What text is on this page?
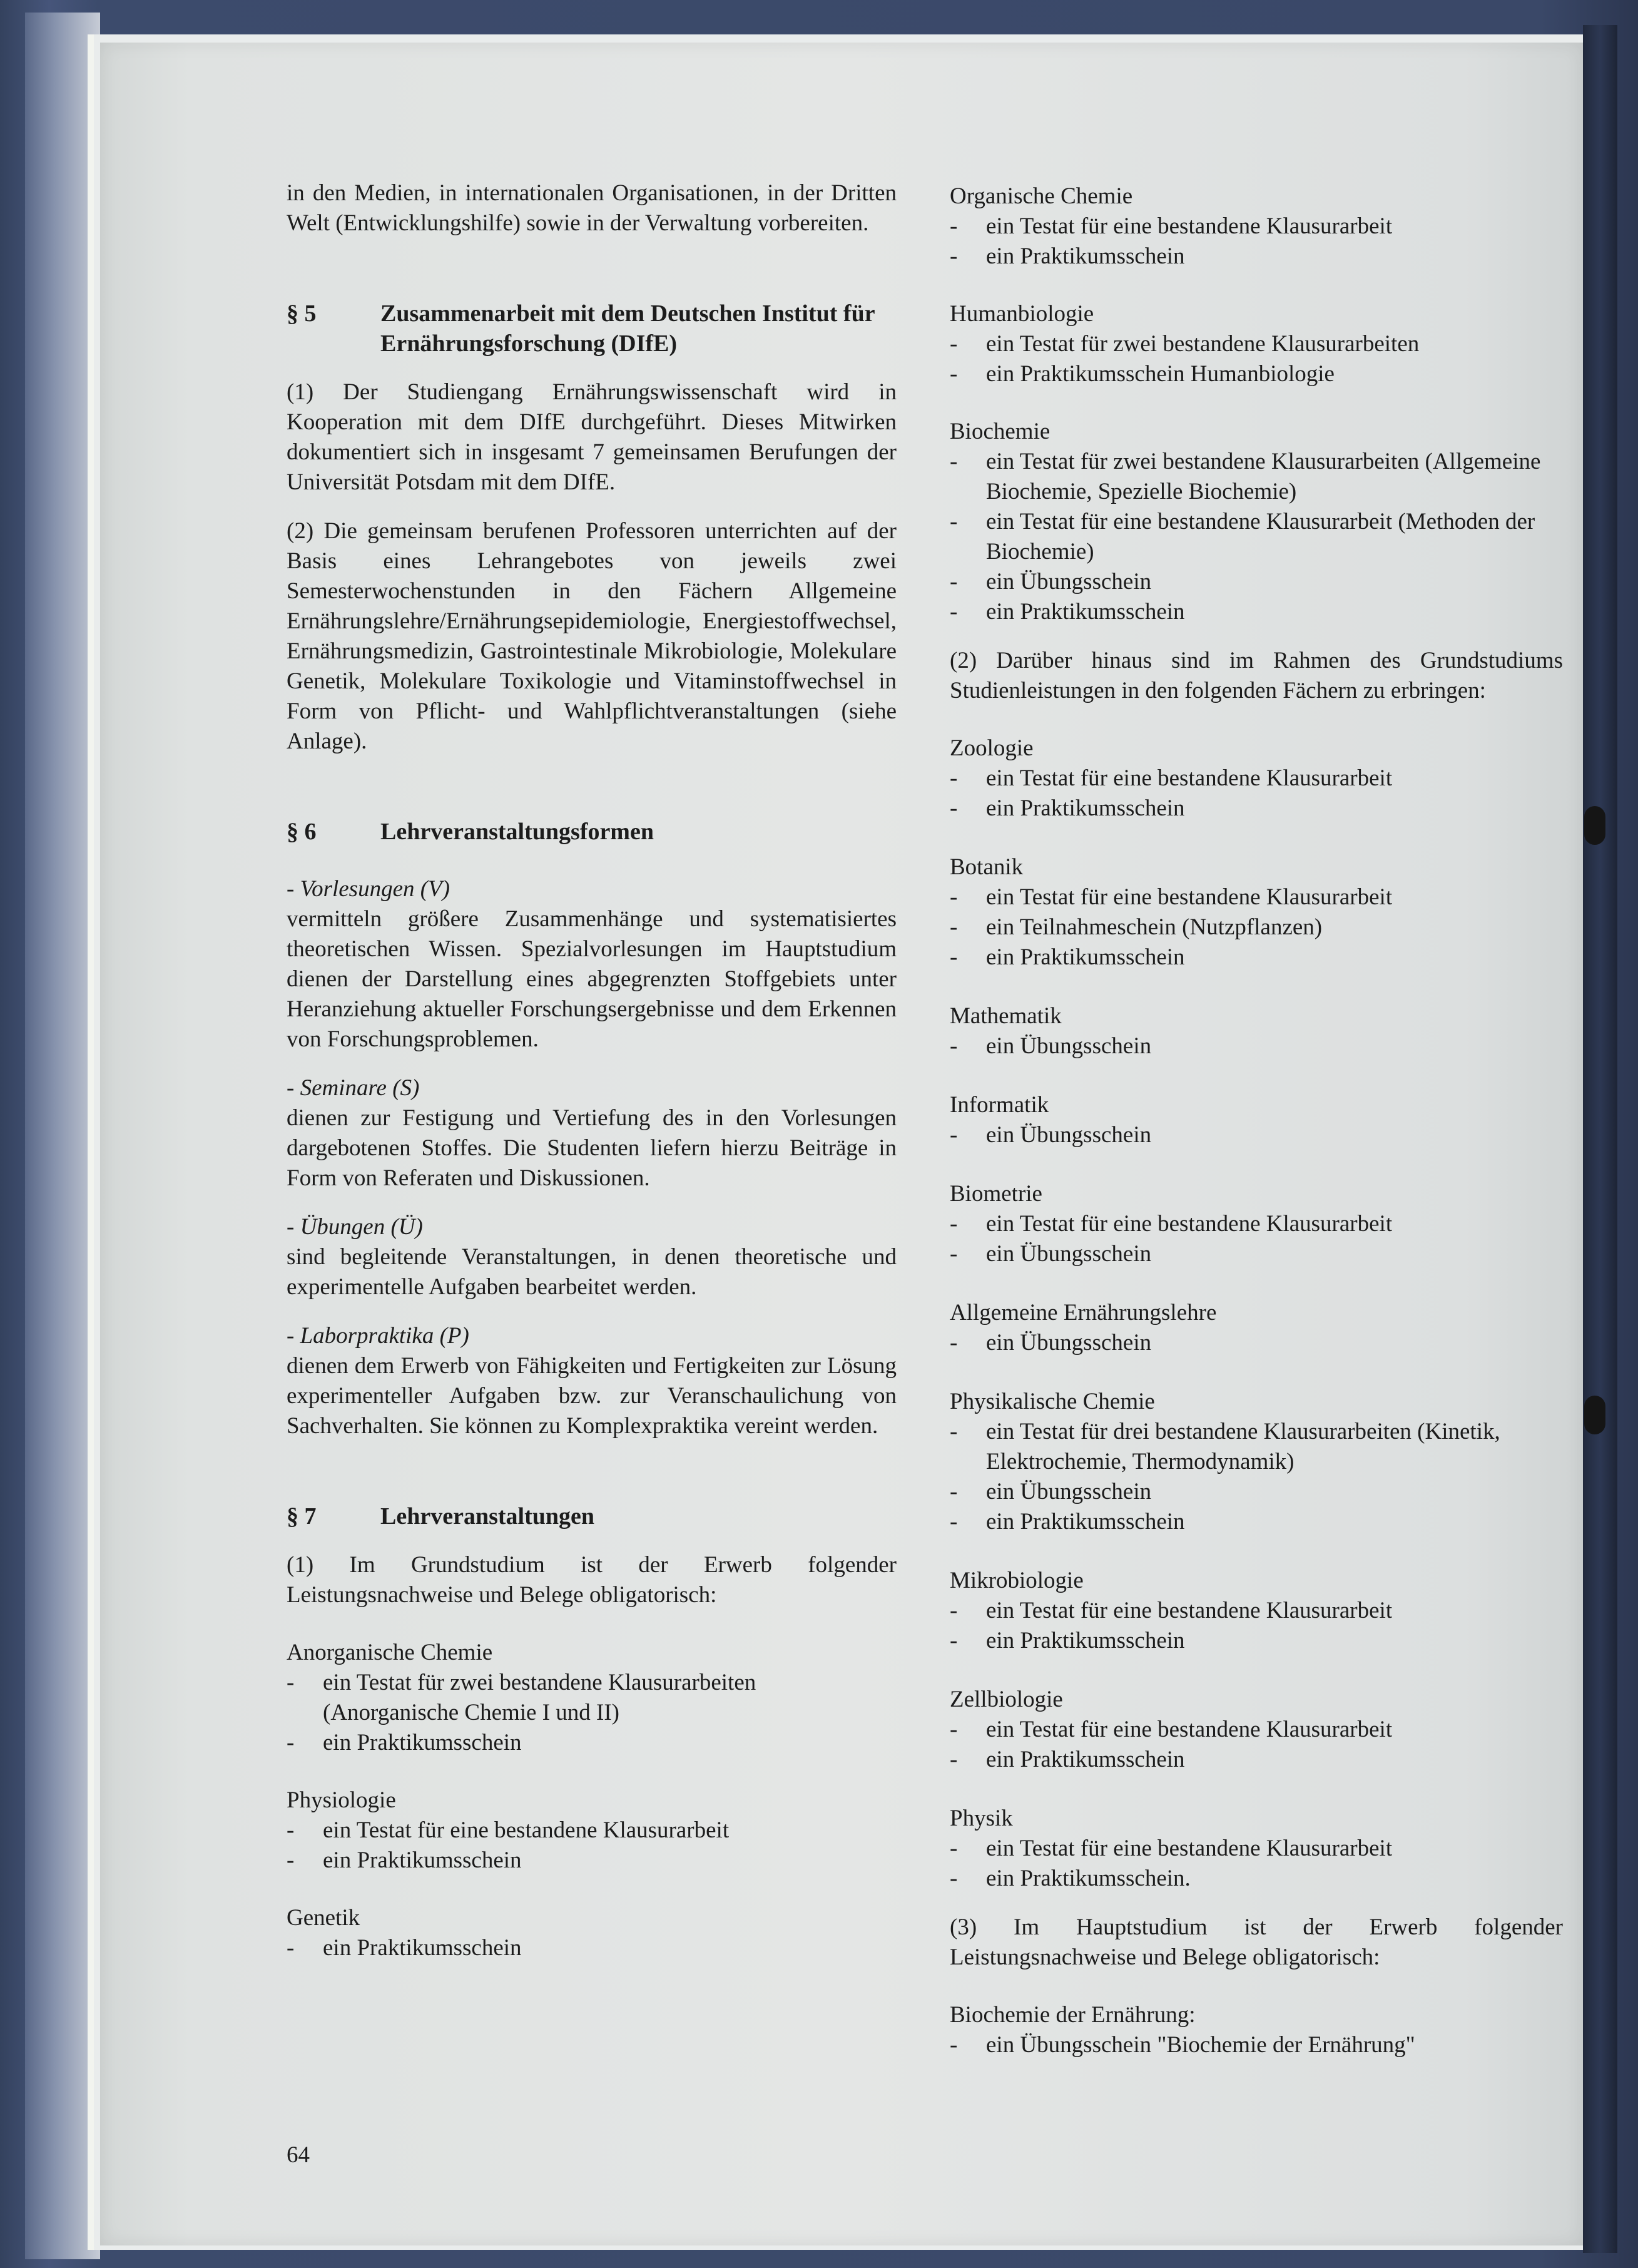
in den Medien, in internationalen Organisationen, in der Dritten Welt (Entwicklungshilfe) sowie in der Verwaltung vorbereiten.

§ 5	Zusammenarbeit mit dem Deutschen Institut für Ernährungsforschung (DIfE)

(1) Der Studiengang Ernährungswissenschaft wird in Kooperation mit dem DIfE durchgeführt. Dieses Mitwirken dokumentiert sich in insgesamt 7 gemeinsamen Berufungen der Universität Potsdam mit dem DIfE.

(2) Die gemeinsam berufenen Professoren unterrichten auf der Basis eines Lehrangebotes von jeweils zwei Semesterwochenstunden in den Fächern Allgemeine Ernährungslehre/Ernährungsepidemiologie, Energiestoffwechsel, Ernährungsmedizin, Gastrointestinale Mikrobiologie, Molekulare Genetik, Molekulare Toxikologie und Vitaminstoffwechsel in Form von Pflicht- und Wahlpflichtveranstaltungen (siehe Anlage).

§ 6	Lehrveranstaltungsformen

- Vorlesungen (V)

vermitteln größere Zusammenhänge und systematisiertes theoretischen Wissen. Spezialvorlesungen im Hauptstudium dienen der Darstellung eines abgegrenzten Stoffgebiets unter Heranziehung aktueller Forschungsergebnisse und dem Erkennen von Forschungsproblemen.

- Seminare (S)

dienen zur Festigung und Vertiefung des in den Vorlesungen dargebotenen Stoffes. Die Studenten liefern hierzu Beiträge in Form von Referaten und Diskussionen.

- Übungen (Ü)

sind begleitende Veranstaltungen, in denen theoretische und experimentelle Aufgaben bearbeitet werden.

- Laborpraktika (P)

dienen dem Erwerb von Fähigkeiten und Fertigkeiten zur Lösung experimenteller Aufgaben bzw. zur Veranschaulichung von Sachverhalten. Sie können zu Komplexpraktika vereint werden.

§ 7	Lehrveranstaltungen

(1) Im Grundstudium ist der Erwerb folgender Leistungsnachweise und Belege obligatorisch:

Anorganische Chemie

- ein Testat für zwei bestandene Klausurarbeiten (Anorganische Chemie I und II)
- ein Praktikumsschein

Physiologie

- ein Testat für eine bestandene Klausurarbeit
- ein Praktikumsschein

Genetik

- ein Praktikumsschein

Organische Chemie

- ein Testat für eine bestandene Klausurarbeit
- ein Praktikumsschein

Humanbiologie

- ein Testat für zwei bestandene Klausurarbeiten
- ein Praktikumsschein Humanbiologie

Biochemie

- ein Testat für zwei bestandene Klausurarbeiten (Allgemeine Biochemie, Spezielle Biochemie)
- ein Testat für eine bestandene Klausurarbeit (Methoden der Biochemie)
- ein Übungsschein
- ein Praktikumsschein

(2) Darüber hinaus sind im Rahmen des Grundstudiums Studienleistungen in den folgenden Fächern zu erbringen:

Zoologie

- ein Testat für eine bestandene Klausurarbeit
- ein Praktikumsschein

Botanik

- ein Testat für eine bestandene Klausurarbeit
- ein Teilnahmeschein (Nutzpflanzen)
- ein Praktikumsschein

Mathematik

- ein Übungsschein

Informatik

- ein Übungsschein

Biometrie

- ein Testat für eine bestandene Klausurarbeit
- ein Übungsschein

Allgemeine Ernährungslehre

- ein Übungsschein

Physikalische Chemie

- ein Testat für drei bestandene Klausurarbeiten (Kinetik, Elektrochemie, Thermodynamik)
- ein Übungsschein
- ein Praktikumsschein

Mikrobiologie

- ein Testat für eine bestandene Klausurarbeit
- ein Praktikumsschein

Zellbiologie

- ein Testat für eine bestandene Klausurarbeit
- ein Praktikumsschein

Physik

- ein Testat für eine bestandene Klausurarbeit
- ein Praktikumsschein.

(3) Im Hauptstudium ist der Erwerb folgender Leistungsnachweise und Belege obligatorisch:

Biochemie der Ernährung:

- ein Übungsschein "Biochemie der Ernährung"
64
